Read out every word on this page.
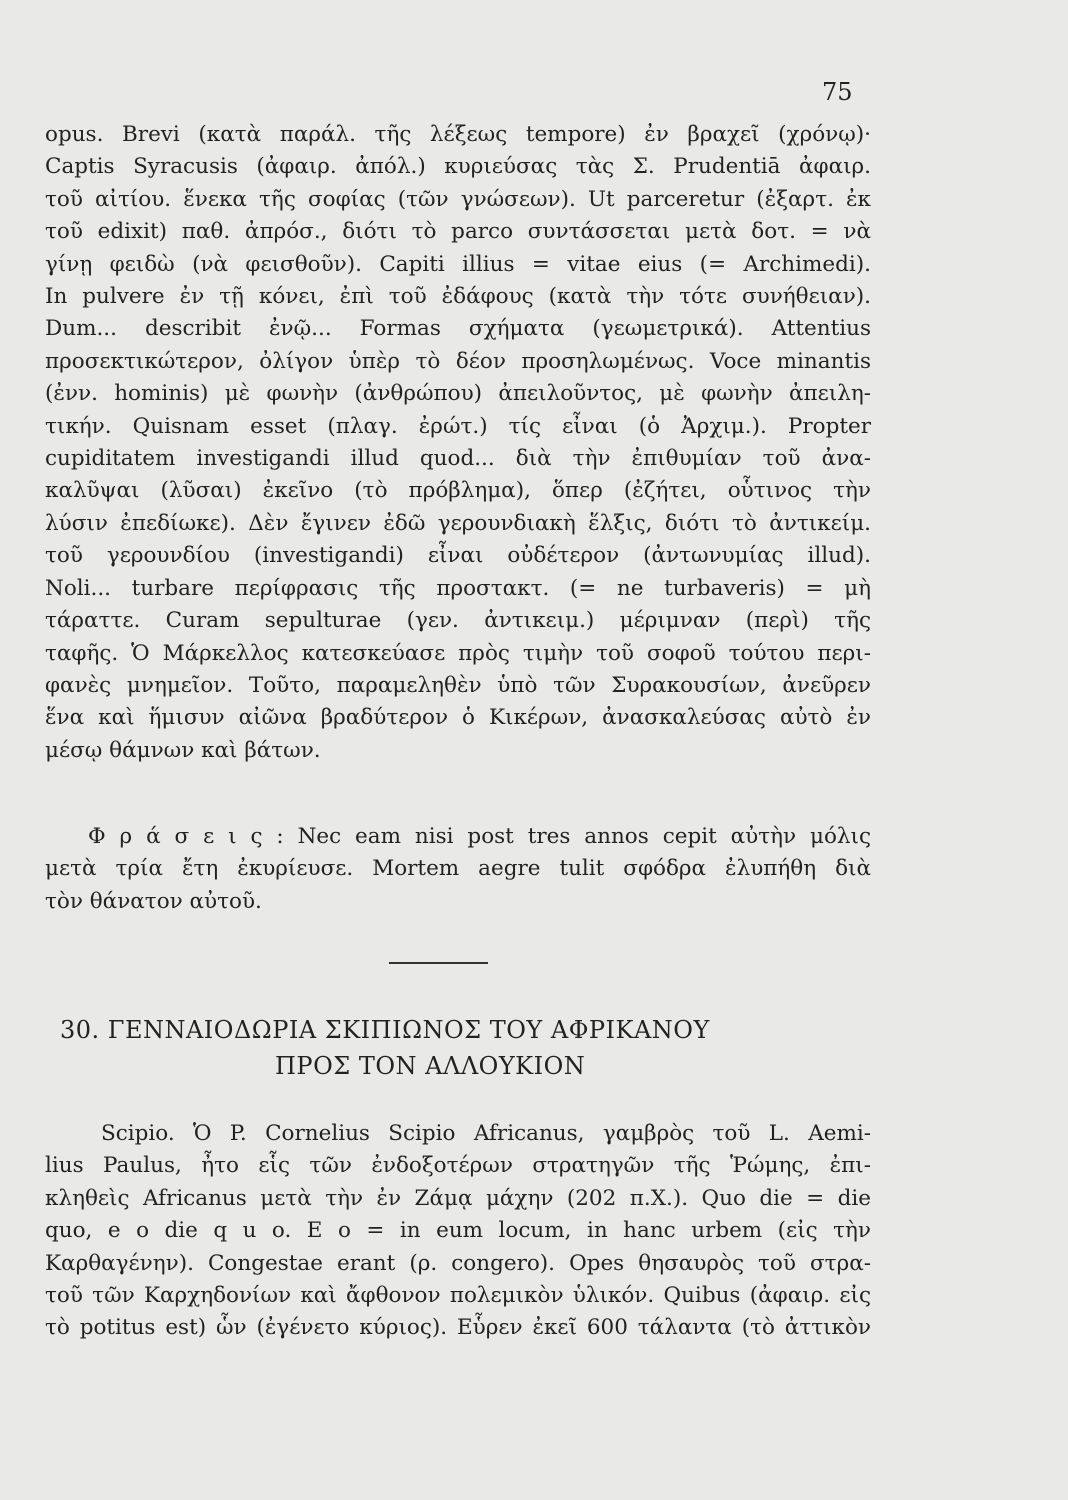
75
opus. Brevi (κατὰ παράλ. τῆς λέξεως tempore) ἐν βραχεῖ (χρόνῳ)·
Captis Syracusis (ἀφαιρ. ἀπόλ.) κυριεύσας τὰς Σ. Prudentiā ἀφαιρ.
τοῦ αἰτίου. ἕνεκα τῆς σοφίας (τῶν γνώσεων). Ut parceretur (ἐξαρτ. ἐκ
τοῦ edixit) παθ. ἀπρόσ., διότι τὸ parco συντάσσεται μετὰ δοτ. = νὰ
γίνῃ φειδὼ (νὰ φεισθοῦν). Capiti illius = vitae eius (= Archimedi).
In pulvere ἐν τῇ κόνει, ἐπὶ τοῦ ἐδάφους (κατὰ τὴν τότε συνήθειαν).
Dum... describit ἐνῷ... Formas σχήματα (γεωμετρικά). Attentius
προσεκτικώτερον, ὀλίγον ὑπὲρ τὸ δέον προσηλωμένως. Voce minantis
(ἐνν. hominis) μὲ φωνὴν (ἀνθρώπου) ἀπειλοῦντος, μὲ φωνὴν ἀπειλη-
τικήν. Quisnam esset (πλαγ. ἐρώτ.) τίς εἶναι (ὁ Ἀρχιμ.). Propter
cupiditatem investigandi illud quod... διὰ τὴν ἐπιθυμίαν τοῦ ἀνα-
καλῦψαι (λῦσαι) ἐκεῖνο (τὸ πρόβλημα), ὅπερ (ἐζήτει, οὗτινος τὴν
λύσιν ἐπεδίωκε). Δὲν ἔγινεν ἐδῶ γερουνδιακὴ ἕλξις, διότι τὸ ἀντικείμ.
τοῦ γερουνδίου (investigandi) εἶναι οὐδέτερον (ἀντωνυμίας illud).
Noli... turbare περίφρασις τῆς προστακτ. (= ne turbaveris) = μὴ
τάραττε. Curam sepulturae (γεν. ἀντικειμ.) μέριμναν (περὶ) τῆς
ταφῆς. Ὁ Μάρκελλος κατεσκεύασε πρὸς τιμὴν τοῦ σοφοῦ τούτου περι-
φανὲς μνημεῖον. Τοῦτο, παραμεληθὲν ὑπὸ τῶν Συρακουσίων, ἀνεῦρεν
ἕνα καὶ ἥμισυν αἰῶνα βραδύτερον ὁ Κικέρων, ἀνασκαλεύσας αὐτὸ ἐν
μέσῳ θάμνων καὶ βάτων.
Φ ρ ά σ ε ι ς : Nec eam nisi post tres annos cepit αὐτὴν μόλις
μετὰ τρία ἔτη ἐκυρίευσε. Mortem aegre tulit σφόδρα ἐλυπήθη διὰ
τὸν θάνατον αὐτοῦ.
30. ΓΕΝΝΑΙΟΔΩΡΙΑ ΣΚΙΠΙΩΝΟΣ ΤΟΥ ΑΦΡΙΚΑΝΟΥ
ΠΡΟΣ ΤΟΝ ΑΛΛΟΥΚΙΟΝ
Scipio. Ὁ P. Cornelius Scipio Africanus, γαμβρὸς τοῦ L. Aemi-
lius Paulus, ἦτο εἷς τῶν ἐνδοξοτέρων στρατηγῶν τῆς Ῥώμης, ἐπι-
κληθεὶς Africanus μετὰ τὴν ἐν Ζάμᾳ μάχην (202 π.Χ.). Quo die = die
quo, e o die q u o. E o = in eum locum, in hanc urbem (εἰς τὴν
Καρθαγένην). Congestae erant (ρ. congero). Opes θησαυρὸς τοῦ στρα-
τοῦ τῶν Καρχηδονίων καὶ ἄφθονον πολεμικὸν ὑλικόν. Quibus (ἀφαιρ. εἰς
τὸ potitus est) ὧν (ἐγένετο κύριος). Εὗρεν ἐκεῖ 600 τάλαντα (τὸ ἀττικὸν
